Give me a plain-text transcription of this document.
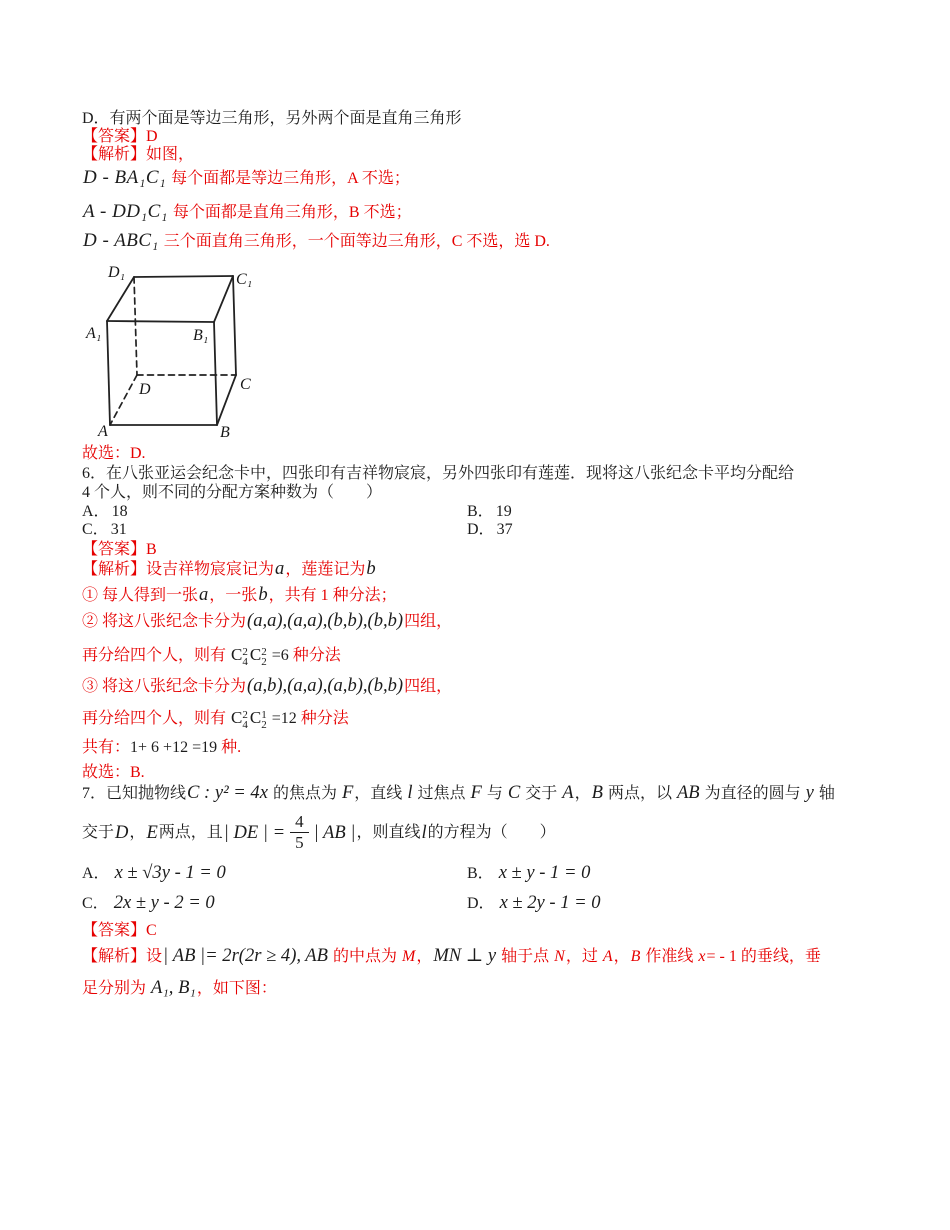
D．有两个面是等边三角形，另外两个面是直角三角形
【答案】D
【解析】如图，
D - BA₁C₁ 每个面都是等边三角形，A 不选；
A - DD₁C₁ 每个面都是直角三角形，B 不选；
D - ABC₁ 三个面直角三角形，一个面等边三角形，C 不选，选 D.
D₁	C₁
A₁	B₁
D	C
A	B
故选：D.
6．在八张亚运会纪念卡中，四张印有吉祥物宸宸，另外四张印有莲莲．现将这八张纪念卡平均分配给
4 个人，则不同的分配方案种数为（　　）
A． 18	B． 19
C． 31	D． 37
【答案】B
【解析】设吉祥物宸宸记为a，莲莲记为b
① 每人得到一张a，一张b，共有 1 种分法；
② 将这八张纪念卡分为(a,a),(a,a),(b,b),(b,b)四组，
再分给四个人，则有 C 2
4 C 2
2 =6 种分法
③ 将这八张纪念卡分为(a,b),(a,a),(a,b),(b,b)四组，
再分给四个人，则有 C 2
4 C 1
2 =12 种分法
共有：1+ 6 +12 =19 种.
故选：B.
7．已知抛物线C : y² = 4x 的焦点为 F，直线 l 过焦点 F 与 C 交于 A，B 两点，以 AB 为直径的圆与 y 轴
交于 D ， E 两点，且 | DE | = $\frac{4}{5}$ | AB | ，则直线 l 的方程为（　　）
A． x ± √3y - 1 = 0	B． x ± y - 1 = 0
C． 2x ± y - 2 = 0	D． x ± 2y - 1 = 0
【答案】C
【解析】设| AB |= 2r(2r ≥ 4), AB 的中点为 M，MN ⊥ y 轴于点 N，过 A，B 作准线 x= - 1 的垂线，垂
足分别为 A₁, B₁，如下图：
